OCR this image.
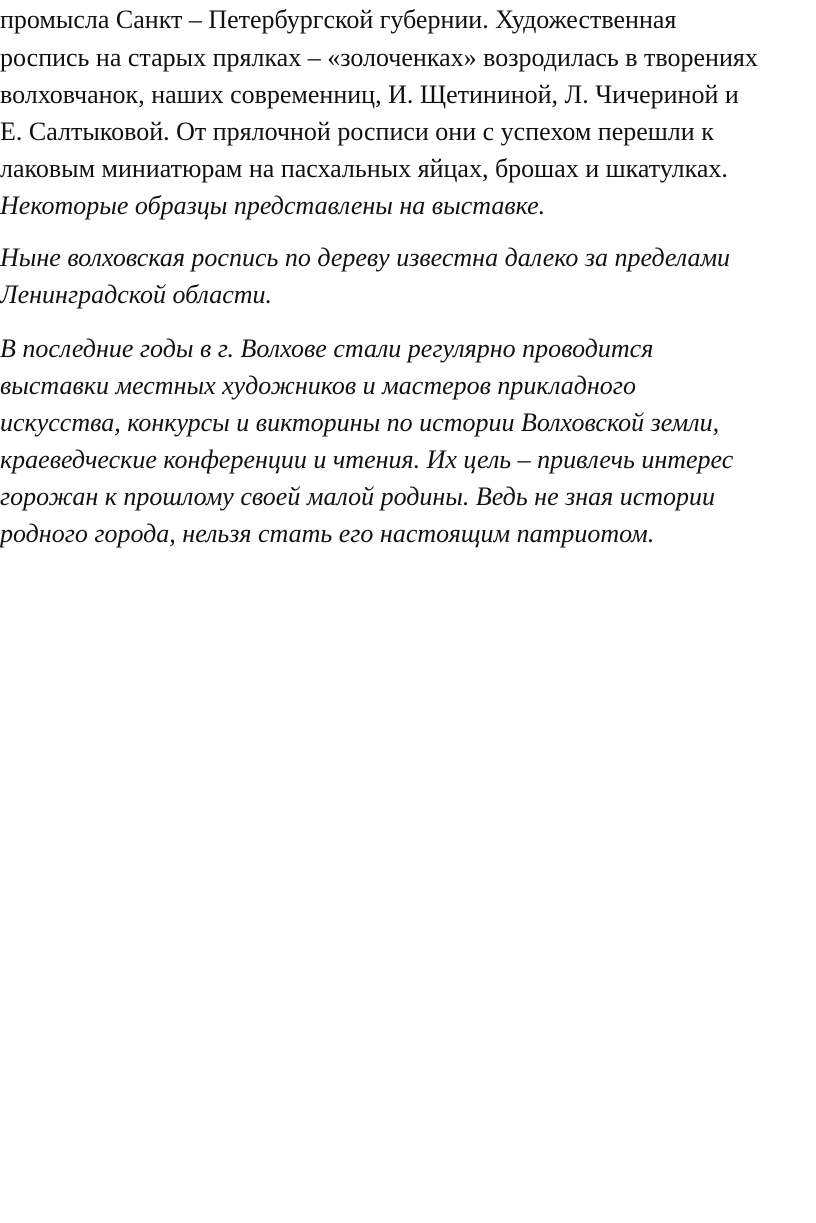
промысла Санкт – Петербургской губернии. Художественная
роспись на старых прялках – «золоченках» возродилась в творениях
волховчанок, наших современниц, И. Щетининой, Л. Чичериной и
Е. Салтыковой. От прялочной росписи они с успехом перешли к
лаковым миниатюрам на пасхальных яйцах, брошах и шкатулках.
Некоторые образцы представлены на выставке.
Ныне волховская роспись по дереву известна далеко за пределами
Ленинградской области.
В последние годы в г. Волхове стали регулярно проводится
выставки местных художников и мастеров прикладного
искусства, конкурсы и викторины по истории Волховской земли,
краеведческие конференции и чтения. Их цель – привлечь интерес
горожан к прошлому своей малой родины. Ведь не зная истории
родного города, нельзя стать его настоящим патриотом.
